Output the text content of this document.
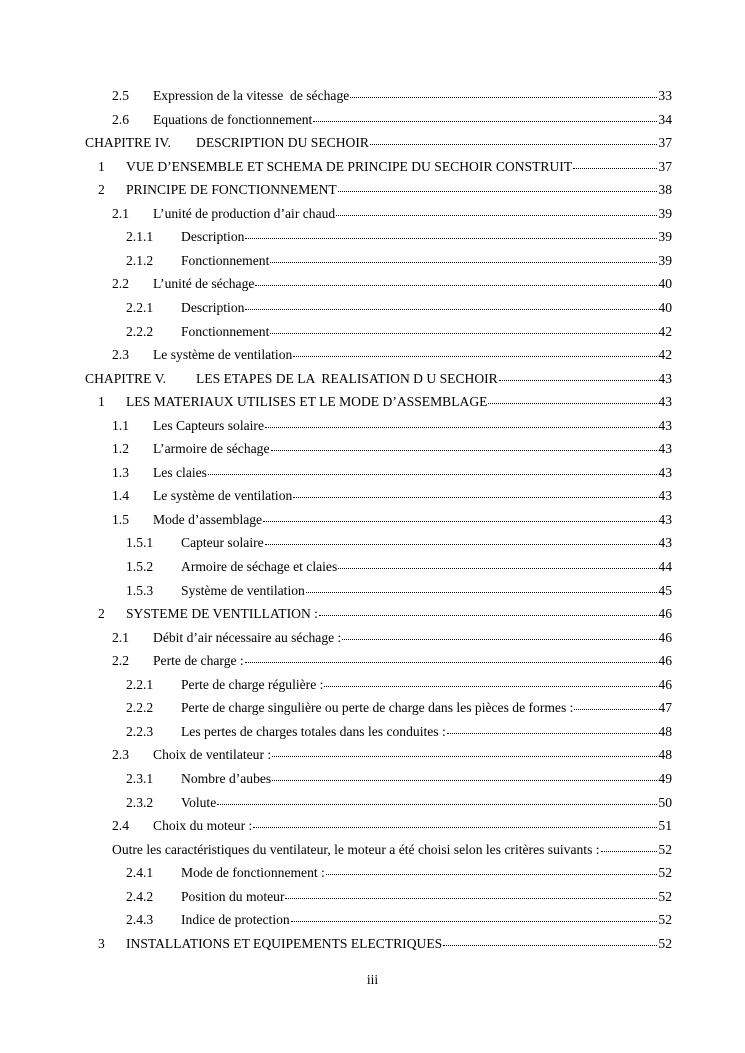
2.5	Expression de la vitesse  de séchage	33
2.6	Equations de fonctionnement	34
CHAPITRE IV.	DESCRIPTION DU SECHOIR	37
1	VUE D’ENSEMBLE ET SCHEMA DE PRINCIPE DU SECHOIR CONSTRUIT	37
2	PRINCIPE DE FONCTIONNEMENT	38
2.1	L’unité de production d’air chaud	39
2.1.1	Description	39
2.1.2	Fonctionnement	39
2.2	L’unité de séchage	40
2.2.1	Description	40
2.2.2	Fonctionnement	42
2.3	Le système de ventilation	42
CHAPITRE V.	LES ETAPES DE LA  REALISATION D U SECHOIR	43
1	LES MATERIAUX UTILISES ET LE MODE D’ASSEMBLAGE	43
1.1	Les Capteurs solaire	43
1.2	L’armoire de séchage	43
1.3	Les claies	43
1.4	Le système de ventilation	43
1.5	Mode d’assemblage	43
1.5.1	Capteur solaire	43
1.5.2	Armoire de séchage et claies	44
1.5.3	Système de ventilation	45
2	SYSTEME DE VENTILLATION :	46
2.1	Débit d’air nécessaire au séchage :	46
2.2	Perte de charge :	46
2.2.1	Perte de charge régulière :	46
2.2.2	Perte de charge singulière ou perte de charge dans les pièces de formes :	47
2.2.3	Les pertes de charges totales dans les conduites :	48
2.3	Choix de ventilateur :	48
2.3.1	Nombre d’aubes	49
2.3.2	Volute	50
2.4	Choix du moteur :	51
Outre les caractéristiques du ventilateur, le moteur a été choisi selon les critères suivants :	52
2.4.1	Mode de fonctionnement :	52
2.4.2	Position du moteur	52
2.4.3	Indice de protection	52
3	INSTALLATIONS ET EQUIPEMENTS ELECTRIQUES	52
iii
